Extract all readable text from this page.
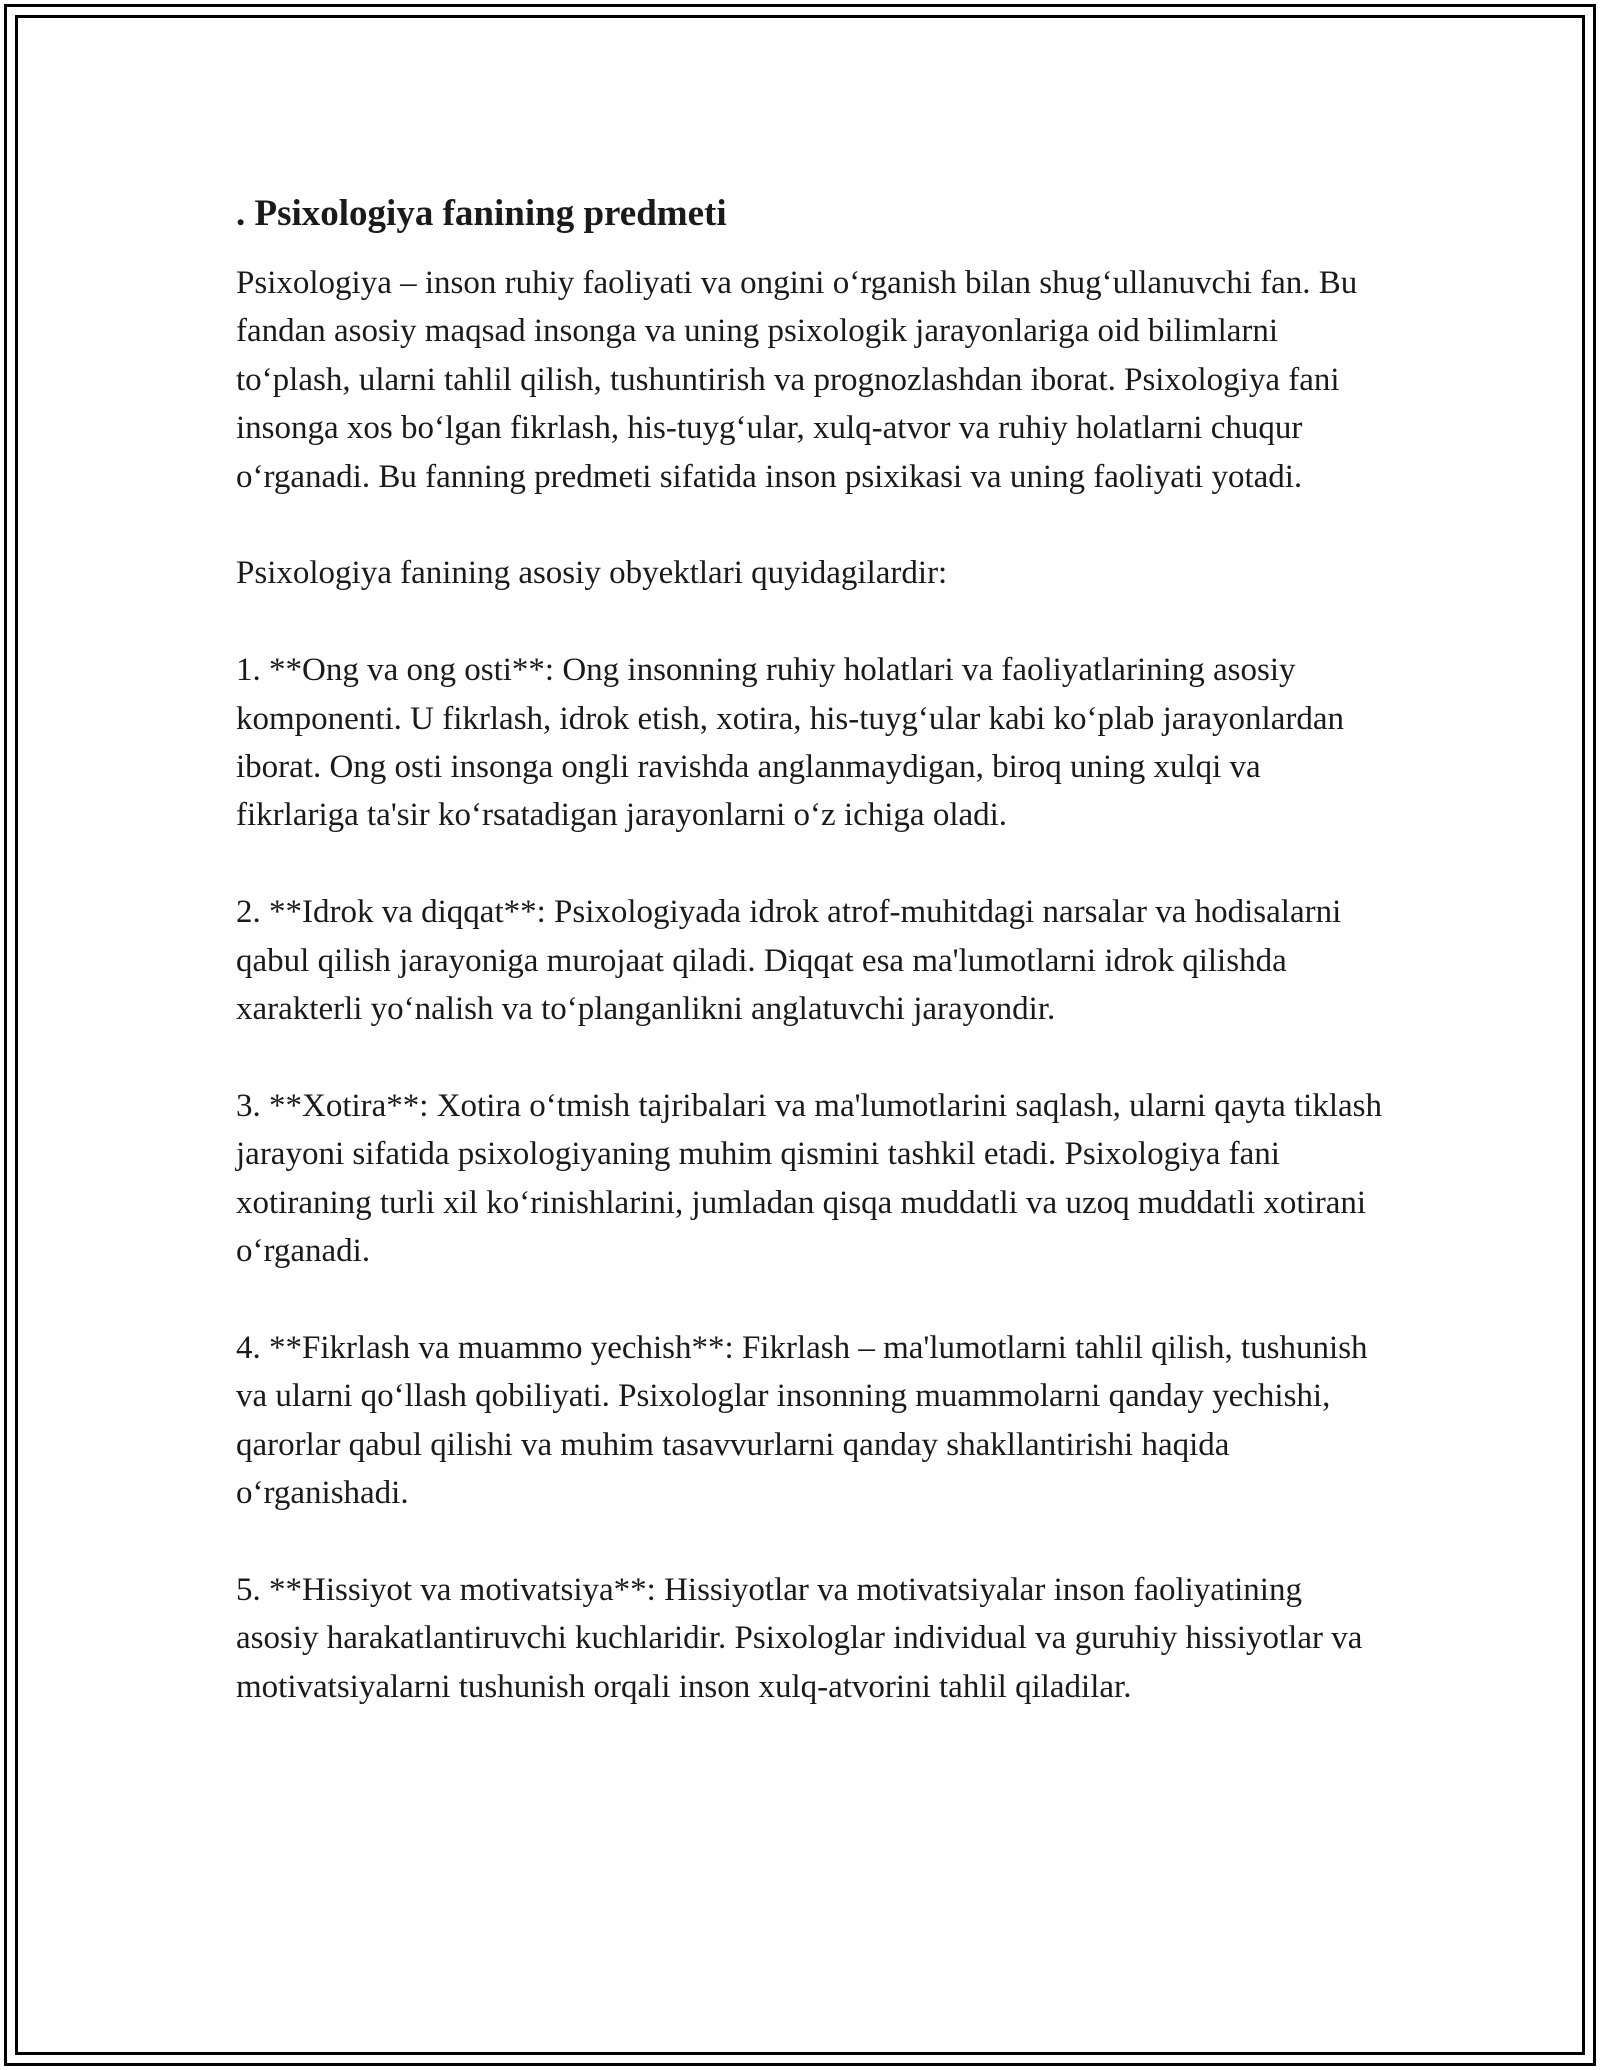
. Psixologiya fanining predmeti

Psixologiya – inson ruhiy faoliyati va ongini o‘rganish bilan shug‘ullanuvchi fan. Bu fandan asosiy maqsad insonga va uning psixologik jarayonlariga oid bilimlarni to‘plash, ularni tahlil qilish, tushuntirish va prognozlashdan iborat. Psixologiya fani insonga xos bo‘lgan fikrlash, his-tuyg‘ular, xulq-atvor va ruhiy holatlarni chuqur o‘rganadi. Bu fanning predmeti sifatida inson psixikasi va uning faoliyati yotadi.

Psixologiya fanining asosiy obyektlari quyidagilardir:

1. **Ong va ong osti**: Ong insonning ruhiy holatlari va faoliyatlarining asosiy komponenti. U fikrlash, idrok etish, xotira, his-tuyg‘ular kabi ko‘plab jarayonlardan iborat. Ong osti insonga ongli ravishda anglanmaydigan, biroq uning xulqi va fikrlariga ta'sir ko‘rsatadigan jarayonlarni o‘z ichiga oladi.

2. **Idrok va diqqat**: Psixologiyada idrok atrof-muhitdagi narsalar va hodisalarni qabul qilish jarayoniga murojaat qiladi. Diqqat esa ma'lumotlarni idrok qilishda xarakterli yo‘nalish va to‘planganlikni anglatuvchi jarayondir.

3. **Xotira**: Xotira o‘tmish tajribalari va ma'lumotlarini saqlash, ularni qayta tiklash jarayoni sifatida psixologiyaning muhim qismini tashkil etadi. Psixologiya fani xotiraning turli xil ko‘rinishlarini, jumladan qisqa muddatli va uzoq muddatli xotirani o‘rganadi.

4. **Fikrlash va muammo yechish**: Fikrlash – ma'lumotlarni tahlil qilish, tushunish va ularni qo‘llash qobiliyati. Psixologlar insonning muammolarni qanday yechishi, qarorlar qabul qilishi va muhim tasavvurlarni qanday shakllantirishi haqida o‘rganishadi.

5. **Hissiyot va motivatsiya**: Hissiyotlar va motivatsiyalar inson faoliyatining asosiy harakatlantiruvchi kuchlaridir. Psixologlar individual va guruhiy hissiyotlar va motivatsiyalarni tushunish orqali inson xulq-atvorini tahlil qiladilar.
